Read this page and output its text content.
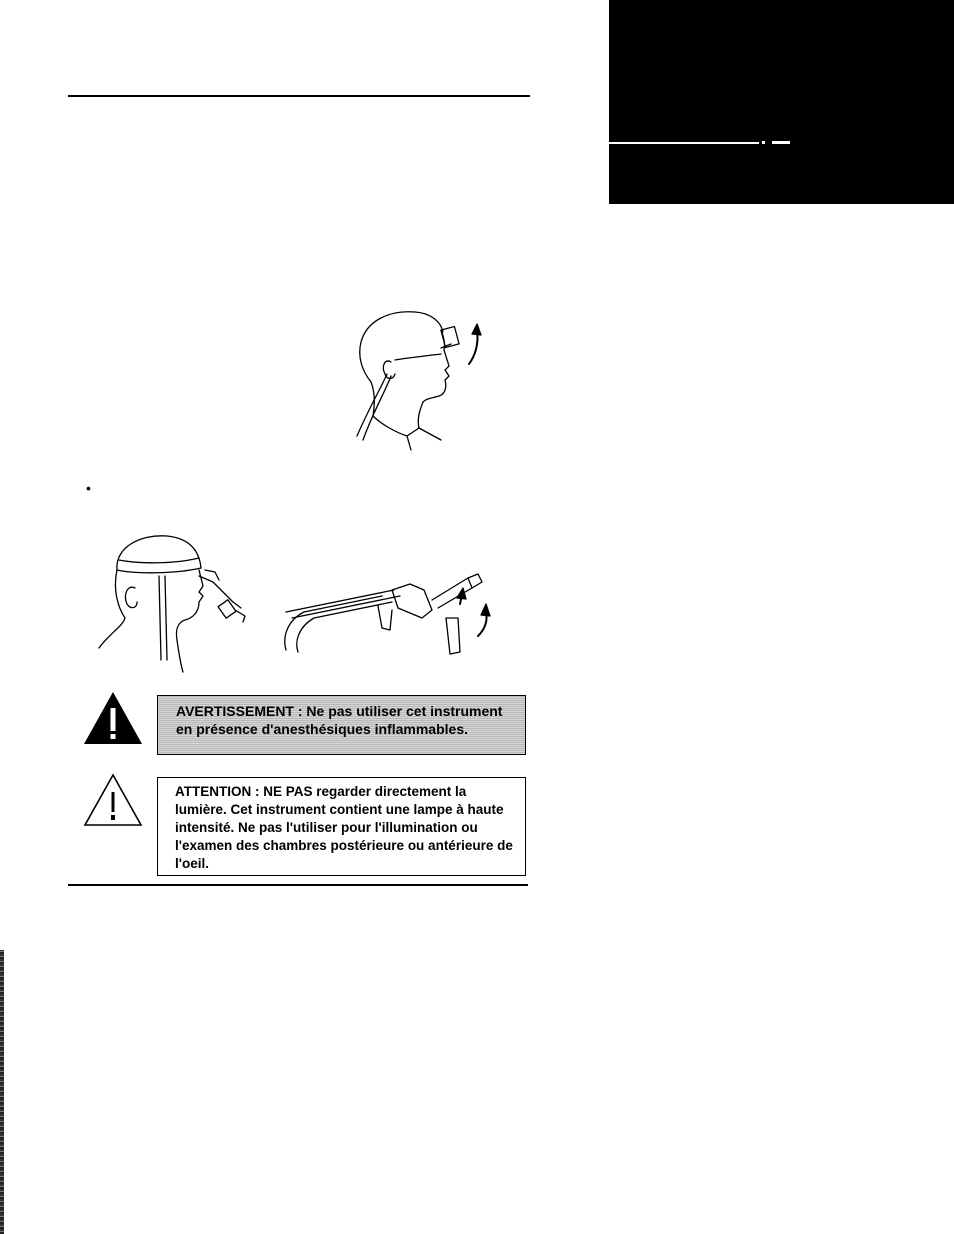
•
AVERTISSEMENT : Ne pas utiliser cet instrument en présence d'anesthésiques inflammables.
ATTENTION : NE PAS regarder directement la lumière. Cet instrument contient une lampe à haute intensité. Ne pas l'utiliser pour l'illumination ou l'examen des chambres postérieure ou antérieure de l'oeil.
